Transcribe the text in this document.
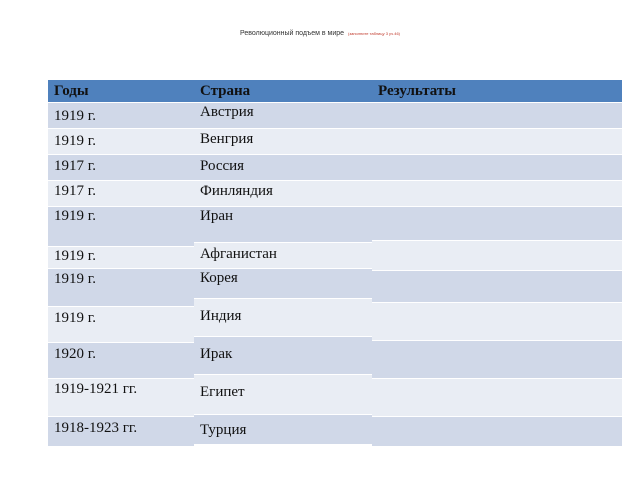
Революционный подъем в мире (заполните таблицу 3 уч.46)
Годы
1919 г.
1919 г.
1917 г.
1917 г.
1919 г.
1919 г.
1919 г.
1919 г.
1920 г.
1919-1921 гг.
1918-1923 гг.
Страна
Австрия
Венгрия
Россия
Финляндия
Иран
Афганистан
Корея
Индия
Ирак
Египет
Турция
Результаты
